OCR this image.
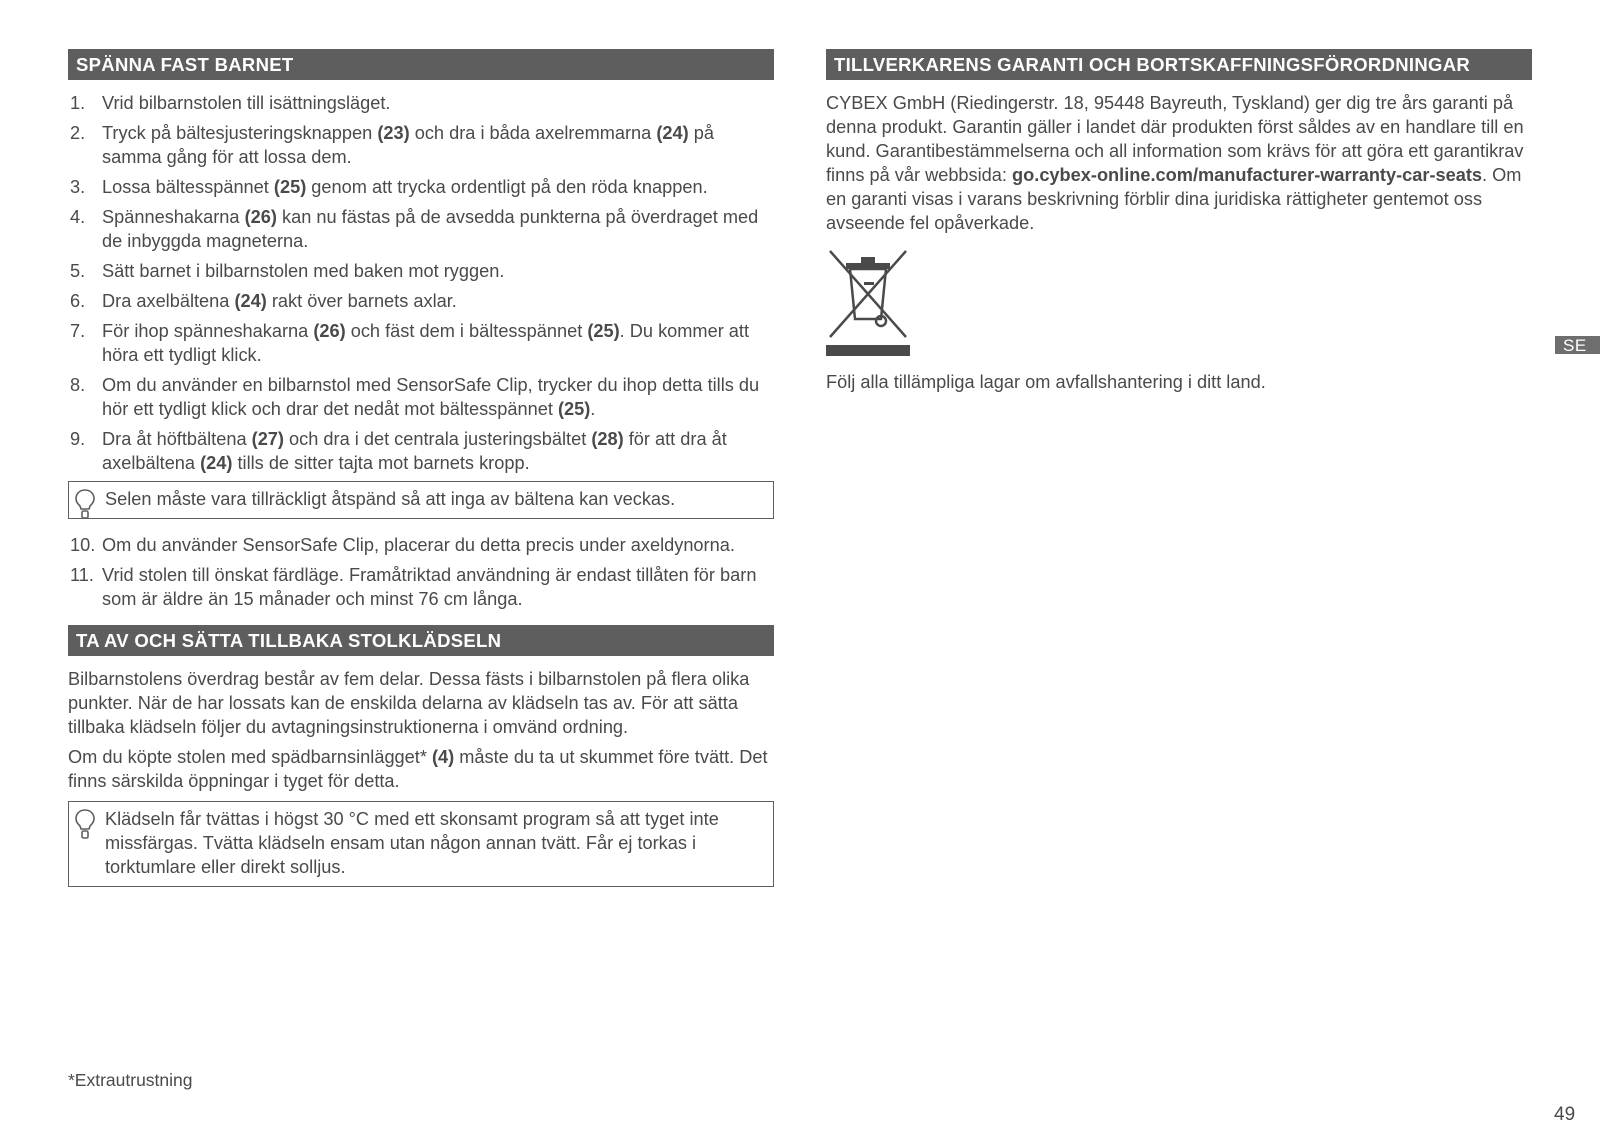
SPÄNNA FAST BARNET
1. Vrid bilbarnstolen till isättningsläget.
2. Tryck på bältesjusteringsknappen (23) och dra i båda axelremmarna (24) på samma gång för att lossa dem.
3. Lossa bältesspännet (25) genom att trycka ordentligt på den röda knappen.
4. Spänneshakarna (26) kan nu fästas på de avsedda punkterna på överdraget med de inbyggda magneterna.
5. Sätt barnet i bilbarnstolen med baken mot ryggen.
6. Dra axelbältena (24) rakt över barnets axlar.
7. För ihop spänneshakarna (26) och fäst dem i bältesspännet (25). Du kommer att höra ett tydligt klick.
8. Om du använder en bilbarnstol med SensorSafe Clip, trycker du ihop detta tills du hör ett tydligt klick och drar det nedåt mot bältesspännet (25).
9. Dra åt höftbältena (27) och dra i det centrala justeringsbältet (28) för att dra åt axelbältena (24) tills de sitter tajta mot barnets kropp.
Selen måste vara tillräckligt åtspänd så att inga av bältena kan veckas.
10. Om du använder SensorSafe Clip, placerar du detta precis under axeldynorna.
11. Vrid stolen till önskat färdläge. Framåtriktad användning är endast tillåten för barn som är äldre än 15 månader och minst 76 cm långa.
TA AV OCH SÄTTA TILLBAKA STOLKLÄDSELN

Bilbarnstolens överdrag består av fem delar. Dessa fästs i bilbarnstolen på flera olika punkter. När de har lossats kan de enskilda delarna av klädseln tas av. För att sätta tillbaka klädseln följer du avtagningsinstruktionerna i omvänd ordning.

Om du köpte stolen med spädbarnsinlägget* (4) måste du ta ut skummet före tvätt. Det finns särskilda öppningar i tyget för detta.

Klädseln får tvättas i högst 30 °C med ett skonsamt program så att tyget inte missfärgas. Tvätta klädseln ensam utan någon annan tvätt. Får ej torkas i torktumlare eller direkt solljus.
TILLVERKARENS GARANTI OCH BORTSKAFFNINGSFÖRORDNINGAR

CYBEX GmbH (Riedingerstr. 18, 95448 Bayreuth, Tyskland) ger dig tre års garanti på denna produkt. Garantin gäller i landet där produkten först såldes av en handlare till en kund. Garantibestämmelserna och all information som krävs för att göra ett garantikrav finns på vår webbsida: go.cybex-online.com/manufacturer-warranty-car-seats. Om en garanti visas i varans beskrivning förblir dina juridiska rättigheter gentemot oss avseende fel opåverkade.

Följ alla tillämpliga lagar om avfallshantering i ditt land.

*Extrautrustning
SE
49
